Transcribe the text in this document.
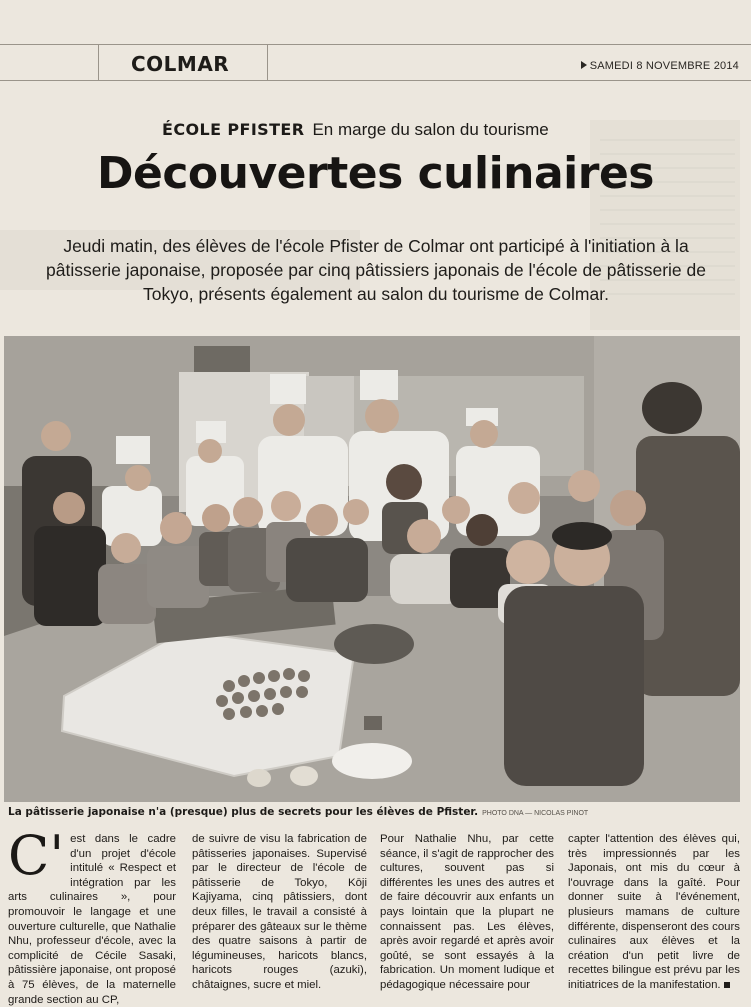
COLMAR	SAMEDI 8 NOVEMBRE 2014
ÉCOLE PFISTER En marge du salon du tourisme
Découvertes culinaires
Jeudi matin, des élèves de l'école Pfister de Colmar ont participé à l'initiation à la pâtisserie japonaise, proposée par cinq pâtissiers japonais de l'école de pâtisserie de Tokyo, présents également au salon du tourisme de Colmar.
La pâtisserie japonaise n'a (presque) plus de secrets pour les élèves de Pfister. PHOTO DNA — NICOLAS PINOT
C' est dans le cadre d'un projet d'école intitulé « Respect et intégration par les arts culinaires », pour promouvoir le langage et une ouverture culturelle, que Nathalie Nhu, professeur d'école, avec la complicité de Cécile Sasaki, pâtissière japonaise, ont proposé à 75 élèves, de la maternelle grande section au CP,
de suivre de visu la fabrication de pâtisseries japonaises. Supervisé par le directeur de l'école de pâtisserie de Tokyo, Kōji Kajiyama, cinq pâtissiers, dont deux filles, le travail a consisté à préparer des gâteaux sur le thème des quatre saisons à partir de légumineuses, haricots blancs, haricots rouges (azuki), châtaignes, sucre et miel.
Pour Nathalie Nhu, par cette séance, il s'agit de rapprocher des cultures, souvent pas si différentes les unes des autres et de faire découvrir aux enfants un pays lointain que la plupart ne connaissent pas. Les élèves, après avoir regardé et après avoir goûté, se sont essayés à la fabrication. Un moment ludique et pédagogique nécessaire pour
capter l'attention des élèves qui, très impressionnés par les Japonais, ont mis du cœur à l'ouvrage dans la gaîté. Pour donner suite à l'événement, plusieurs mamans de culture différente, dispenseront des cours culinaires aux élèves et la création d'un petit livre de recettes bilingue est prévu par les initiatrices de la manifestation.
